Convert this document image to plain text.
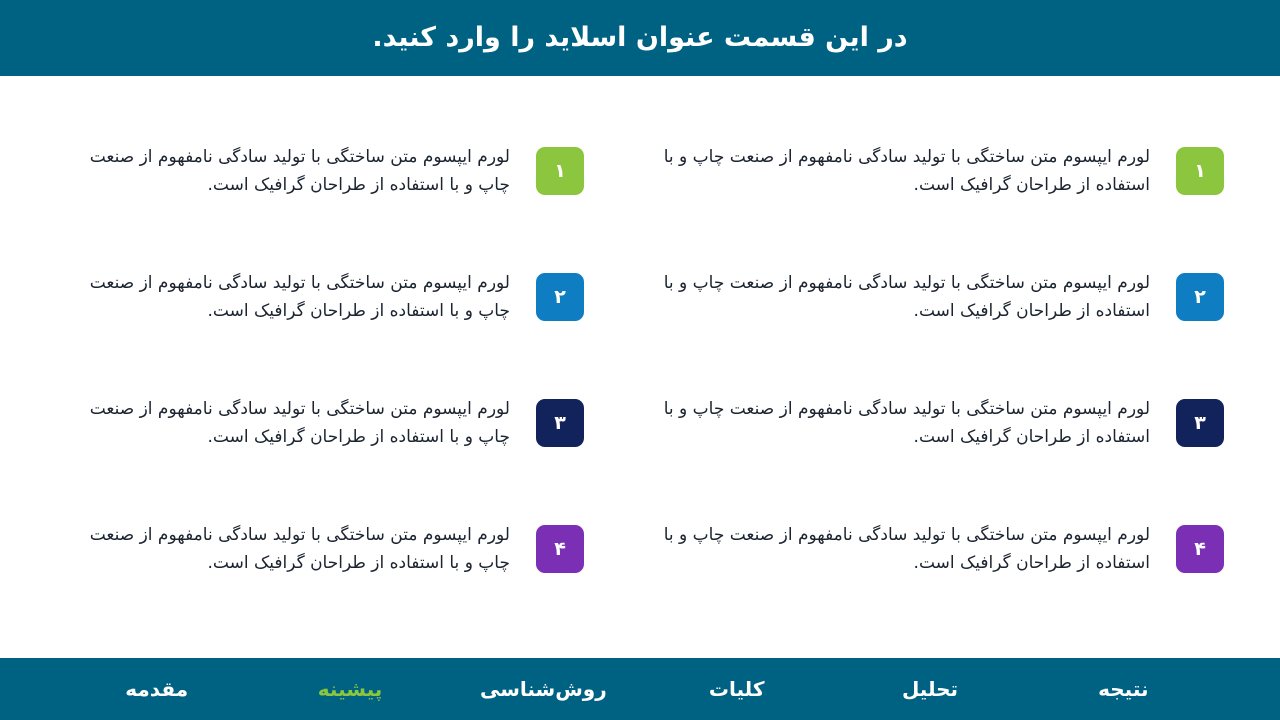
در این قسمت عنوان اسلاید را وارد کنید.
۱
لورم ایپسوم متن ساختگی با تولید سادگی نامفهوم از صنعت چاپ و با استفاده از طراحان گرافیک است.
۲
لورم ایپسوم متن ساختگی با تولید سادگی نامفهوم از صنعت چاپ و با استفاده از طراحان گرافیک است.
۳
لورم ایپسوم متن ساختگی با تولید سادگی نامفهوم از صنعت چاپ و با استفاده از طراحان گرافیک است.
۴
لورم ایپسوم متن ساختگی با تولید سادگی نامفهوم از صنعت چاپ و با استفاده از طراحان گرافیک است.
۱
لورم ایپسوم متن ساختگی با تولید سادگی نامفهوم از صنعت چاپ و با استفاده از طراحان گرافیک است.
۲
لورم ایپسوم متن ساختگی با تولید سادگی نامفهوم از صنعت چاپ و با استفاده از طراحان گرافیک است.
۳
لورم ایپسوم متن ساختگی با تولید سادگی نامفهوم از صنعت چاپ و با استفاده از طراحان گرافیک است.
۴
لورم ایپسوم متن ساختگی با تولید سادگی نامفهوم از صنعت چاپ و با استفاده از طراحان گرافیک است.
مقدمه	پیشینه	روش‌شناسی	کلیات	تحلیل	نتیجه
